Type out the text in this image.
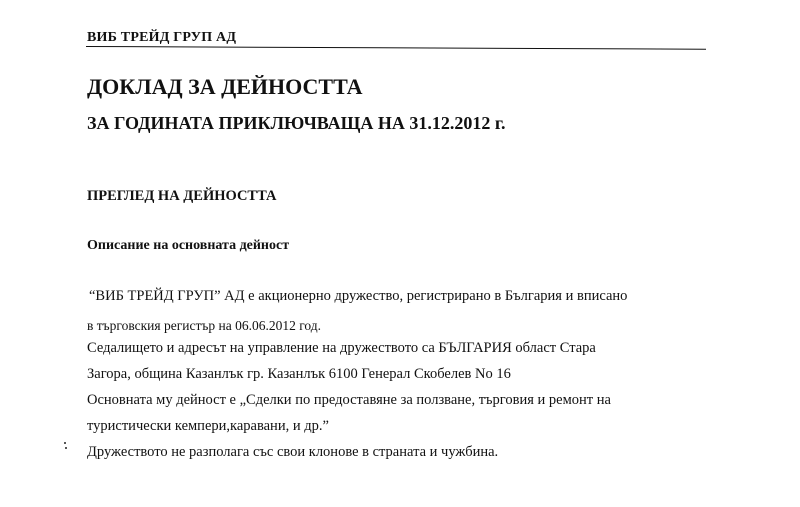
ВИБ ТРЕЙД ГРУП АД
ДОКЛАД ЗА ДЕЙНОСТТА
ЗА ГОДИНАТА ПРИКЛЮЧВАЩА НА 31.12.2012 г.
ПРЕГЛЕД НА ДЕЙНОСТТА
Описание на основната дейност
“ВИБ ТРЕЙД ГРУП” АД е акционерно дружество, регистрирано в България и вписано
в търговския регистър на 06.06.2012 год.
Седалището и адресът на управление на дружеството са БЪЛГАРИЯ област Стара
Загора, община Казанлък гр. Казанлък 6100 Генерал Скобелев No 16
Основната му дейност е „Сделки по предоставяне за ползване, търговия и ремонт на
туристически кемпери,каравани, и др.”
Дружеството не разполага със свои клонове в страната и чужбина.
